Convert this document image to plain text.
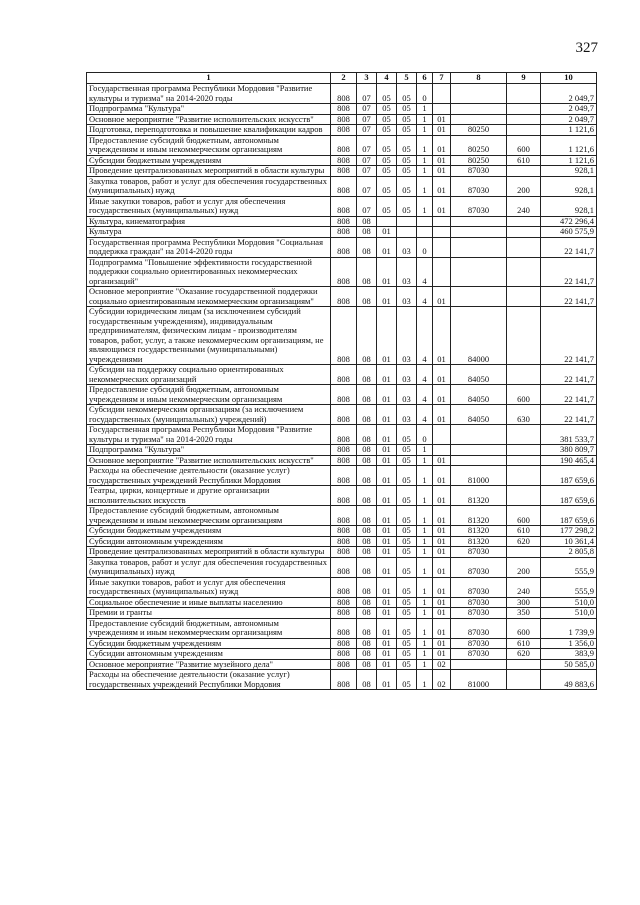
327
1	2	3	4	5	6	7	8	9	10
Государственная программа Республики Мордовия "Развитие культуры и туризма" на 2014-2020 годы	808	07	05	05	0				2 049,7
Подпрограмма "Культура"	808	07	05	05	1				2 049,7
Основное мероприятие "Развитие исполнительских искусств"	808	07	05	05	1	01			2 049,7
Подготовка, переподготовка и повышение квалификации кадров	808	07	05	05	1	01	80250		1 121,6
Предоставление субсидий бюджетным, автономным учреждениям и иным некоммерческим организациям	808	07	05	05	1	01	80250	600	1 121,6
Субсидии бюджетным учреждениям	808	07	05	05	1	01	80250	610	1 121,6
Проведение централизованных мероприятий в области культуры	808	07	05	05	1	01	87030		928,1
Закупка товаров, работ и услуг для обеспечения государственных (муниципальных) нужд	808	07	05	05	1	01	87030	200	928,1
Иные закупки товаров, работ и услуг для обеспечения государственных (муниципальных) нужд	808	07	05	05	1	01	87030	240	928,1
Культура, кинематография	808	08							472 296,4
Культура	808	08	01						460 575,9
Государственная программа Республики Мордовия "Социальная поддержка граждан" на 2014-2020 годы	808	08	01	03	0				22 141,7
Подпрограмма "Повышение эффективности государственной поддержки социально ориентированных некоммерческих организаций"	808	08	01	03	4				22 141,7
Основное мероприятие "Оказание государственной поддержки социально ориентированным некоммерческим организациям"	808	08	01	03	4	01			22 141,7
Субсидии юридическим лицам (за исключением субсидий государственным учреждениям), индивидуальным предпринимателям, физическим лицам - производителям товаров, работ, услуг, а также некоммерческим организациям, не являющимся государственными (муниципальными) учреждениями	808	08	01	03	4	01	84000		22 141,7
Субсидии на поддержку социально ориентированных некоммерческих организаций	808	08	01	03	4	01	84050		22 141,7
Предоставление субсидий бюджетным, автономным учреждениям и иным некоммерческим организациям	808	08	01	03	4	01	84050	600	22 141,7
Субсидии некоммерческим организациям (за исключением государственных (муниципальных) учреждений)	808	08	01	03	4	01	84050	630	22 141,7
Государственная программа Республики Мордовия "Развитие культуры и туризма" на 2014-2020 годы	808	08	01	05	0				381 533,7
Подпрограмма "Культура"	808	08	01	05	1				380 809,7
Основное мероприятие "Развитие исполнительских искусств"	808	08	01	05	1	01			190 465,4
Расходы на обеспечение деятельности (оказание услуг) государственных учреждений Республики Мордовия	808	08	01	05	1	01	81000		187 659,6
Театры, цирки, концертные и другие организации исполнительских искусств	808	08	01	05	1	01	81320		187 659,6
Предоставление субсидий бюджетным, автономным учреждениям и иным некоммерческим организациям	808	08	01	05	1	01	81320	600	187 659,6
Субсидии бюджетным учреждениям	808	08	01	05	1	01	81320	610	177 298,2
Субсидии автономным учреждениям	808	08	01	05	1	01	81320	620	10 361,4
Проведение централизованных мероприятий в области культуры	808	08	01	05	1	01	87030		2 805,8
Закупка товаров, работ и услуг для обеспечения государственных (муниципальных) нужд	808	08	01	05	1	01	87030	200	555,9
Иные закупки товаров, работ и услуг для обеспечения государственных (муниципальных) нужд	808	08	01	05	1	01	87030	240	555,9
Социальное обеспечение и иные выплаты населению	808	08	01	05	1	01	87030	300	510,0
Премии и гранты	808	08	01	05	1	01	87030	350	510,0
Предоставление субсидий бюджетным, автономным учреждениям и иным некоммерческим организациям	808	08	01	05	1	01	87030	600	1 739,9
Субсидии бюджетным учреждениям	808	08	01	05	1	01	87030	610	1 356,0
Субсидии автономным учреждениям	808	08	01	05	1	01	87030	620	383,9
Основное мероприятие "Развитие музейного дела"	808	08	01	05	1	02			50 585,0
Расходы на обеспечение деятельности (оказание услуг) государственных учреждений Республики Мордовия	808	08	01	05	1	02	81000		49 883,6
